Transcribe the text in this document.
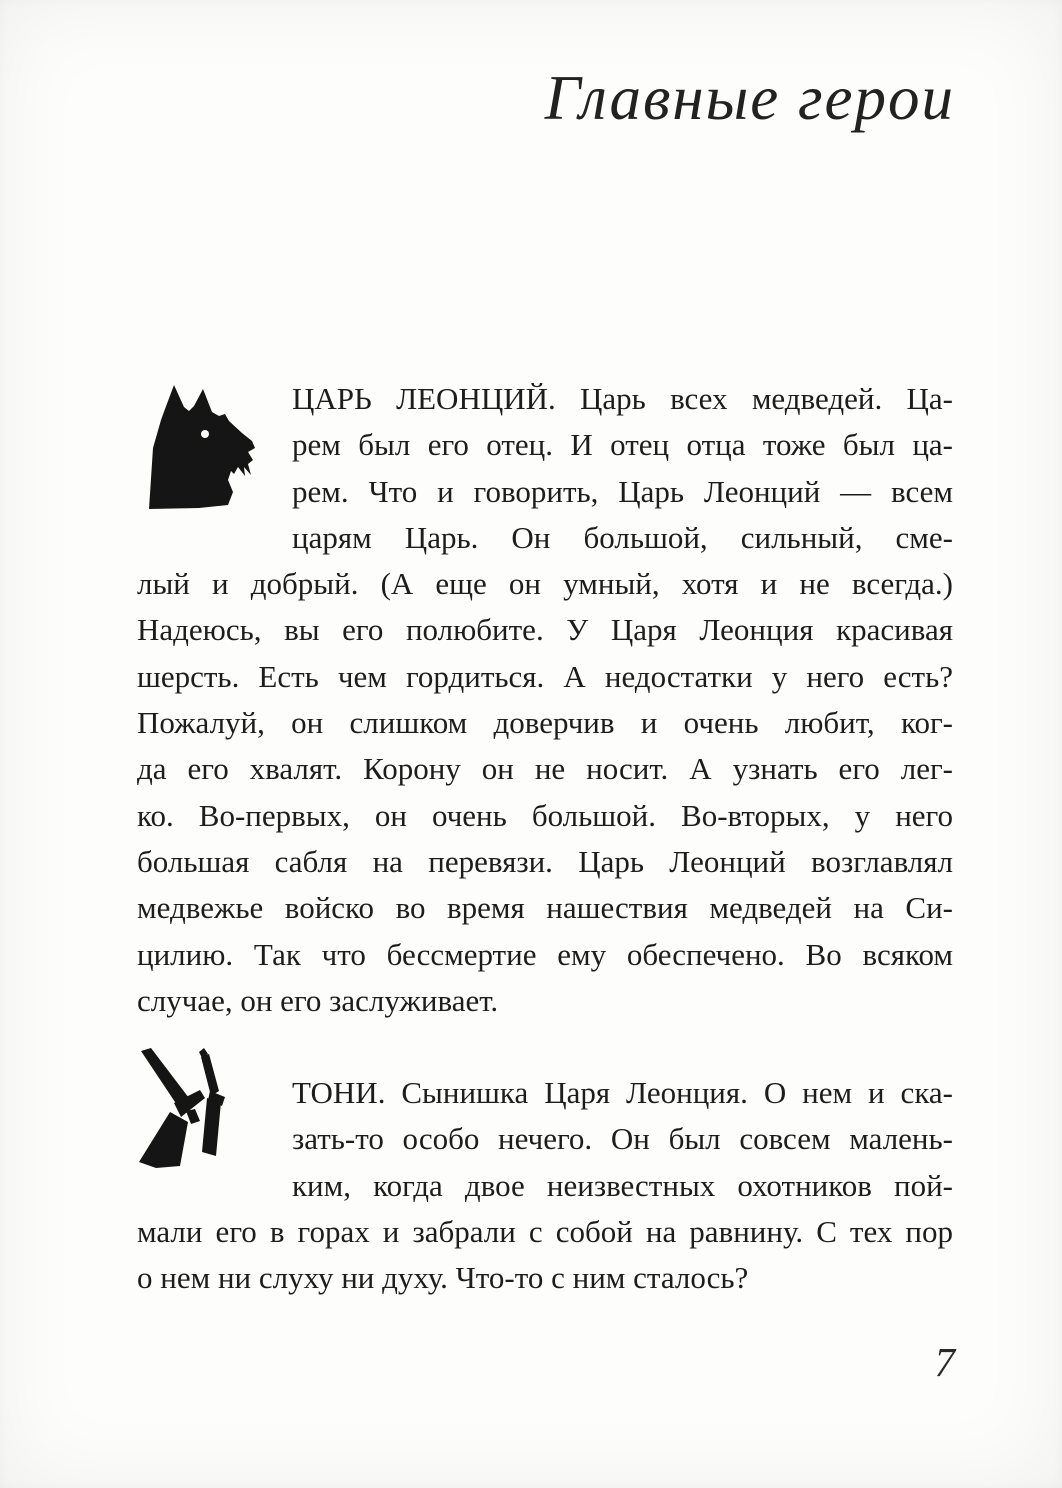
Главные герои
ЦАРЬ ЛЕОНЦИЙ. Царь всех медведей. Ца-
рем был его отец. И отец отца тоже был ца-
рем. Что и говорить, Царь Леонций — всем
царям Царь. Он большой, сильный, сме-
лый и добрый. (А еще он умный, хотя и не всегда.)
Надеюсь, вы его полюбите. У Царя Леонция красивая
шерсть. Есть чем гордиться. А недостатки у него есть?
Пожалуй, он слишком доверчив и очень любит, ког-
да его хвалят. Корону он не носит. А узнать его лег-
ко. Во-первых, он очень большой. Во-вторых, у него
большая сабля на перевязи. Царь Леонций возглавлял
медвежье войско во время нашествия медведей на Си-
цилию. Так что бессмертие ему обеспечено. Во всяком
случае, он его заслуживает.
ТОНИ. Сынишка Царя Леонция. О нем и ска-
зать-то особо нечего. Он был совсем малень-
ким, когда двое неизвестных охотников пой-
мали его в горах и забрали с собой на равнину. С тех пор
о нем ни слуху ни духу. Что-то с ним сталось?
7
